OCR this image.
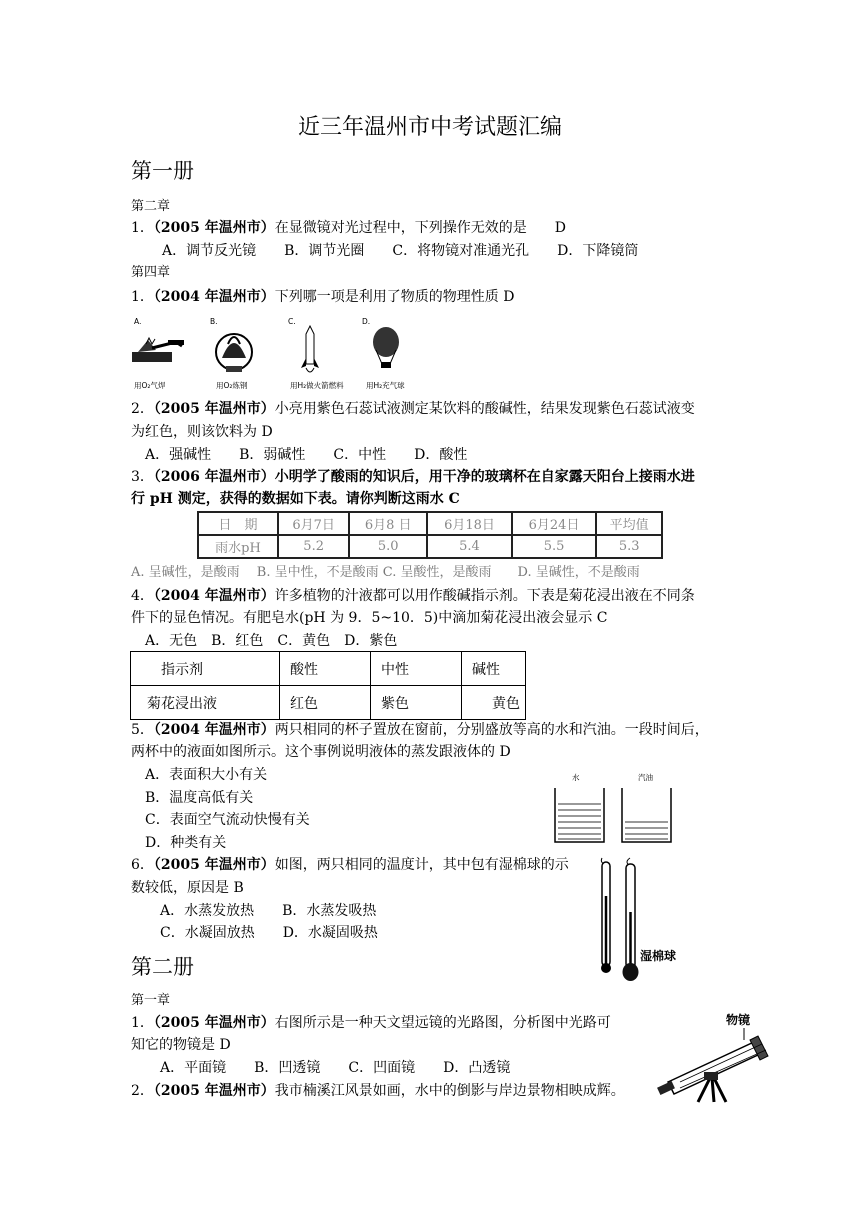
近三年温州市中考试题汇编
第一册
第二章
1．（2005 年温州市）在显微镜对光过程中，下列操作无效的是　　D
A．调节反光镜　　B．调节光圈　　C．将物镜对准通光孔　　D．下降镜筒
第四章
1．（2004 年温州市）下列哪一项是利用了物质的物理性质 D
A.	B.	C.	D.
用O₂气焊	用O₂炼钢	用H₂做火箭燃料	用H₂充气球
2．（2005 年温州市）小亮用紫色石蕊试液测定某饮料的酸碱性，结果发现紫色石蕊试液变
为红色，则该饮料为 D
A．强碱性　　B．弱碱性　　C．中性　　D．酸性
3．（2006 年温州市）小明学了酸雨的知识后，用干净的玻璃杯在自家露天阳台上接雨水进
行 pH 测定，获得的数据如下表。请你判断这雨水 C
日　期	6月7日	6月8 日	6月18日	6月24日	平均值
雨水pH	5.2	5.0	5.4	5.5	5.3
A. 呈碱性，是酸雨　 B. 呈中性，不是酸雨 C. 呈酸性，是酸雨　　D. 呈碱性，不是酸雨
4．（2004 年温州市）许多植物的汁液都可以用作酸碱指示剂。下表是菊花浸出液在不同条
件下的显色情况。有肥皂水(pH 为 9．5~10．5)中滴加菊花浸出液会显示 C
A．无色　B．红色　C．黄色　D．紫色
指示剂	酸性	中性	碱性
菊花浸出液	红色	紫色	黄色
5．（2004 年温州市）两只相同的杯子置放在窗前，分别盛放等高的水和汽油。一段时间后，
两杯中的液面如图所示。这个事例说明液体的蒸发跟液体的 D
A．表面积大小有关
B．温度高低有关
C．表面空气流动快慢有关
D．种类有关
水	汽油
6．（2005 年温州市）如图，两只相同的温度计，其中包有湿棉球的示
数较低，原因是 B
A．水蒸发放热　　B．水蒸发吸热
C．水凝固放热　　D．水凝固吸热
湿棉球
第二册
第一章
1．（2005 年温州市）右图所示是一种天文望远镜的光路图，分析图中光路可
知它的物镜是 D
A．平面镜　　B．凹透镜　　C．凹面镜　　D．凸透镜
2．（2005 年温州市）我市楠溪江风景如画，水中的倒影与岸边景物相映成辉。
物镜
